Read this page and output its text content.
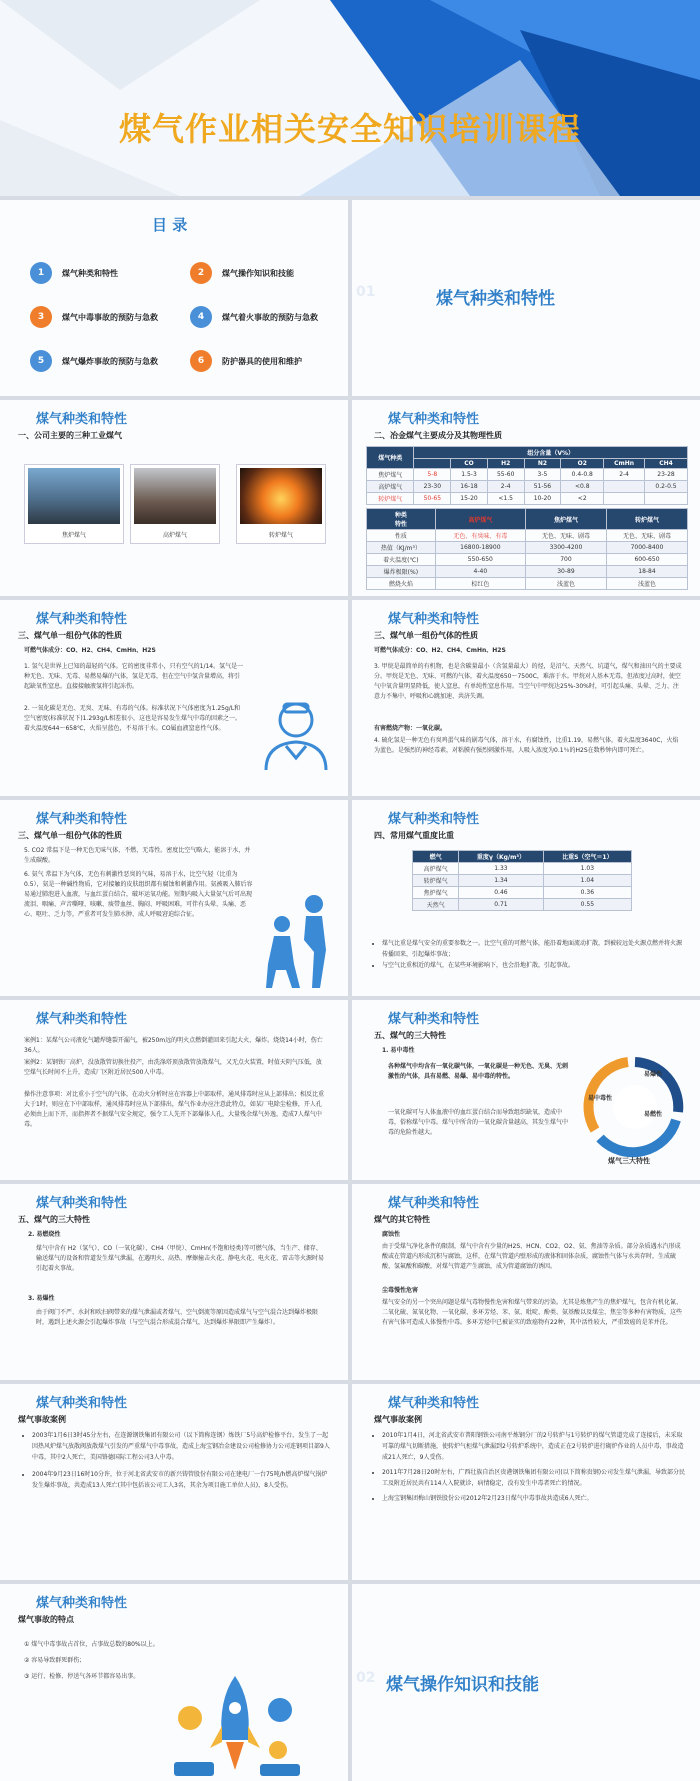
煤气作业相关安全知识培训课程
目 录
1	煤气种类和特性	2	煤气操作知识和技能
3	煤气中毒事故的预防与急救	4	煤气着火事故的预防与急救
5	煤气爆炸事故的预防与急救	6	防护器具的使用和维护
01	煤气种类和特性
煤气种类和特性
一、公司主要的三种工业煤气
焦炉煤气	高炉煤气	转炉煤气
煤气种类和特性
二、冶金煤气主要成分及其物理性质
煤气种类	组分含量（V%）						
		CO	H2	N2	O2	CmHn	CH4
焦炉煤气	5-8	1.5-3	55-60	3-5	0.4-0.8	2-4	23-28
高炉煤气	23-30	16-18	2-4	51-56	<0.8		0.2-0.5
转炉煤气	50-65	15-20	<1.5	10-20	<2		
种类
特性	高炉煤气	焦炉煤气	转炉煤气
性质	无色、有臭味、有毒	无色、无味、剧毒	无色、无味、剧毒
热值（KJ/m³）	16800-18900	3300-4200	7000-8400
着火温度(℃)	550-650	700	600-650
爆炸极限(%)	4-40	30-89	18-84
燃烧火焰	棕红色	浅蓝色	浅蓝色
煤气种类和特性
三、煤气单一组份气体的性质
可燃气体成分：CO、H2、CH4、CmHn、H2S
1. 氢气是世界上已知的最轻的气体。它的密度非常小，只有空气的1/14。氢气是一种无色、无味、无毒、易燃易爆的气体，氢是无毒，但在空气中氢含量增高，将引起缺氧性窒息。直接接触液氢将引起冻伤。
2. 一氧化碳是无色、无臭、无味、有毒的气体。标准状况下气体密度为1.25g/L和空气密度(标准状况下)1.293g/L相差很小，这也是容易发生煤气中毒的因素之一。着火温度644～658℃，火焰呈蓝色，不易溶于水。CO属血液窒息性气体。
煤气种类和特性
三、煤气单一组份气体的性质
可燃气体成分：CO、H2、CH4、CmHn、H2S
3. 甲烷是最简单的有机物，也是含碳量最小（含氢量最大）的烃，是沼气、天然气、坑道气，煤气和油田气的主要成分。甲烷是无色、无味、可燃的气体，着火温度650～7500C，难溶于水。甲烷对人基本无毒，但浓度过高时，使空气中氧含量明显降低，使人窒息，有单纯性窒息作用。当空气中甲烷达25%-30%时，可引起头痛、头晕、乏力、注意力不集中、呼吸和心跳加速、共济失调。
有害燃烧产物：一氧化碳。
4. 硫化氢是一种无色有臭鸡蛋气味的剧毒气体，溶于水，有腐蚀性，比重1.19，易燃气体，着火温度3640C，火焰为蓝色。是强烈的神经毒素，对粘膜有强烈刺激作用。人吸入浓度为0.1％的H2S在数秒钟内即可死亡。
煤气种类和特性
三、煤气单一组份气体的性质
5. CO2 常温下是一种无色无味气体，不燃，无毒性。密度比空气略大，能溶于水，并生成碳酸。
6. 氨气 常温下为气体，无色有刺激性恶臭的气味，易溶于水，比空气轻（比重为0.5），氨是一种碱性物质，它对接触的皮肤组织都有腐蚀和刺激作用。氨被吸入肺后容易通过肺泡进入血液，与血红蛋白结合，破坏运氧功能。短期内吸入大量氨气后可出现流泪、咽痛、声音嘶哑、咳嗽、痰带血丝、胸闷、呼吸困难，可伴有头晕、头痛、恶心、呕吐、乏力等，严重者可发生肺水肿、成人呼吸窘迫综合征。
煤气种类和特性
四、常用煤气重度比重
燃气	重度γ（Kg/m³）	比重S（空气＝1）
高炉煤气	1.33	1.03
转炉煤气	1.34	1.04
焦炉煤气	0.46	0.36
天然气	0.71	0.55
• 煤气比重是煤气安全的重要参数之一。比空气重的可燃气体，能沿着地面流动扩散，到被较远处火源点燃并将火源传播回来，引起爆炸事故；
• 与空气比重相近的煤气，在某些环境影响下，也会沿地扩散，引起事故。
煤气种类和特性
案例1：某煤气公司液化气罐焊缝裂开漏气，被250m远的明火点燃倒灌回来引起大火、爆炸。烧烧14小时，伤亡36人。
案例2：某钢铁厂高炉，没放散管切换往投产，由洗涤塔顶放散管放散煤气，又无点火装置，时值天阴气压低，放空煤气长时间不上升，造成厂区附近居民500人中毒。
操作注意事项：对比重小于空气的气体，在动火分析时应在容器上中部取样，通风排毒时应从上部排出；相反比重大于1时，则应在下中部取样，通风排毒时应从下部排出，煤气作业办应注意此特点，如某厂电除尘检修，开人孔必须由上而下开，而指挥者不据煤气安全规定，强令工人先开下部爆体人孔，大量残余煤气外逸，造成7人煤气中毒。
煤气种类和特性
五、煤气的三大特性
1. 易中毒性
各种煤气中均含有一氧化碳气体，一氧化碳是一种无色、无臭、无刺激性的气体，具有易燃、易爆、易中毒的特性。
一氧化碳可与人体血液中的血红蛋白结合而导致组织缺氧，造成中毒，俗称煤气中毒。煤气中所含的一氧化碳含量越高，其发生煤气中毒的危险性越大。
易爆性
易中毒性
易燃性
煤气三大特性
煤气种类和特性
五、煤气的三大特性
2. 易燃烧性
煤气中含有 H2（氢气）、CO（一氧化碳）、CH4（甲烷）、CmHn(不饱和烃类)等可燃气体，当生产、储存、输送煤气的设备和管道发生煤气泄漏，在遇明火、高热、摩擦撞击火花、静电火花、电火花、雷击等火源时易引起着火事故。
3. 易爆性
由于阀门不严、水封和吹扫阀带来的煤气泄漏或者煤气、空气倒流等原因造成煤气与空气混合达到爆炸极限时，遇到上述火源会引起爆炸事故（与空气混合形成混合煤气，达到爆炸界限即产生爆炸）。
煤气种类和特性
煤气的其它特性
腐蚀性
由于受煤气净化条件的限制，煤气中含有少量的H2S、HCN、CO2、O2、氨、焦油等杂质。部分杂质遇水汽形成酸或在管道内形成沉积与腐蚀，这样，在煤气管道内壁形成的液体和固体杂质，腐蚀性气体与水共存时，生成硫酸、氢氟酸和碳酸，对煤气管道产生腐蚀，成为管道腐蚀的诱因。
尘毒慢性危害
煤气安全的另一个突出问题是煤气毒物慢性危害和煤气带来的污染。尤其是炼焦产生的焦炉煤气，包含有机化氰、二氧化硫、氮氧化物、一氧化碳、多环芳烃、苯、氨、吡啶、酚类、氨基酸以及煤尘、焦尘等多种有害物质，这些有害气体可造成人体慢性中毒。多环芳烃中已被证实的致癌物有22种，其中活性较大，严重致癌的是苯并芘。
煤气种类和特性
煤气事故案例
• 2003年1月6日3时45分左右，在连源钢铁集团有限公司（以下简称连钢）炼铁厂5号高炉检修平台，发生了一起因热风炉煤气放散阀放散煤气引发的严重煤气中毒事故，造成上海宝钢冶金建设公司检修协力公司连钢项目部9人中毒，其中2人死亡，美国铬德国际工程公司3人中毒。
• 2004年9月23日16时10分许，位于河北省武安市的新兴铸管股份有限公司在建电厂一台75吨/h燃高炉煤气锅炉发生爆炸事故，共造成13人死亡(其中包括该公司工人3名，其余为项目施工单位人员)，8人受伤。
煤气种类和特性
煤气事故案例
• 2010年1月4日，河北省武安市普阳钢铁公司南平炼钢分厂的2号转炉与1号转炉的煤气管道完成了连接后，未采取可靠的煤气切断措施，使转炉气柜煤气泄漏到2号转炉系统中，造成正在2号转炉进行砌炉作业的人员中毒，事故造成21人死亡，9人受伤。
• 2011年7月28日20时左右，广西壮族自治区贵港钢铁集团有限公司(以下简称贵钢)公司发生煤气泄漏，导致部分民工及附近居民共有114人入院就诊，病情稳定，没有发生中毒者死亡的情况。
• 上海宝钢集团梅山钢铁股份公司2012年2月23日煤气中毒事故共造成6人死亡。
煤气种类和特性
煤气事故的特点
① 煤气中毒事故占首位，占事故总数的80%以上。
② 容易导致群死群伤；
③ 运行、检修、停送气各环节都容易出事。	02 煤气操作知识和技能
